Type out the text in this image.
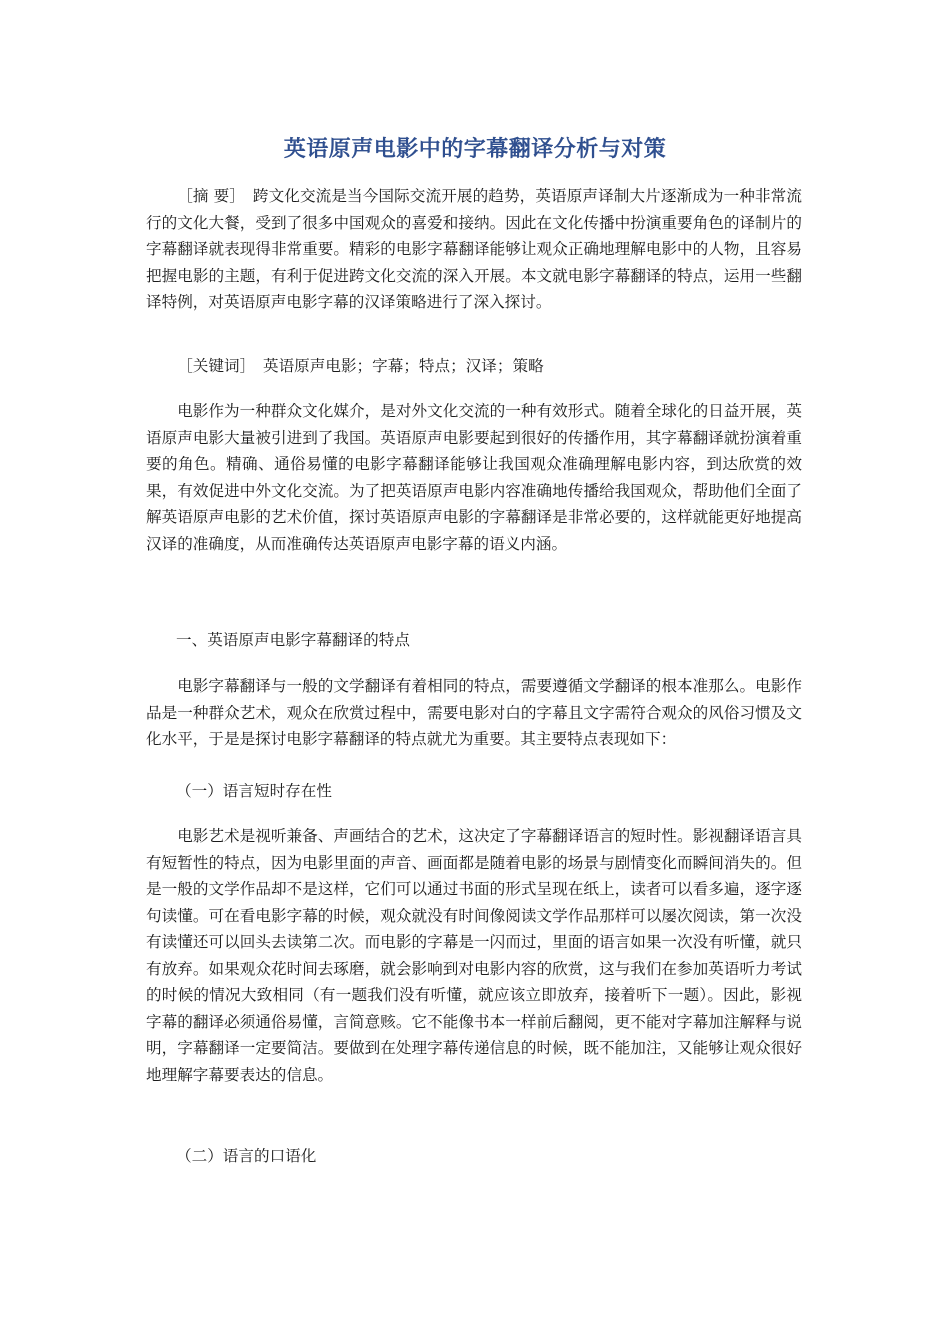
英语原声电影中的字幕翻译分析与对策

［摘 要］　 跨文化交流是当今国际交流开展的趋势，英语原声译制大片逐渐成为一种非常流行的文化大餐，受到了很多中国观众的喜爱和接纳。因此在文化传播中扮演重要角色的译制片的字幕翻译就表现得非常重要。精彩的电影字幕翻译能够让观众正确地理解电影中的人物，且容易把握电影的主题，有利于促进跨文化交流的深入开展。本文就电影字幕翻译的特点，运用一些翻译特例，对英语原声电影字幕的汉译策略进行了深入探讨。

［关键词］　 英语原声电影；字幕；特点；汉译；策略

电影作为一种群众文化媒介，是对外文化交流的一种有效形式。随着全球化的日益开展，英语原声电影大量被引进到了我国。英语原声电影要起到很好的传播作用，其字幕翻译就扮演着重要的角色。精确、通俗易懂的电影字幕翻译能够让我国观众准确理解电影内容，到达欣赏的效果，有效促进中外文化交流。为了把英语原声电影内容准确地传播给我国观众，帮助他们全面了解英语原声电影的艺术价值，探讨英语原声电影的字幕翻译是非常必要的，这样就能更好地提高汉译的准确度，从而准确传达英语原声电影字幕的语义内涵。

一、英语原声电影字幕翻译的特点

电影字幕翻译与一般的文学翻译有着相同的特点，需要遵循文学翻译的根本准那么。电影作品是一种群众艺术，观众在欣赏过程中，需要电影对白的字幕且文字需符合观众的风俗习惯及文化水平，于是是探讨电影字幕翻译的特点就尤为重要。其主要特点表现如下：

（一）语言短时存在性

电影艺术是视听兼备、声画结合的艺术，这决定了字幕翻译语言的短时性。影视翻译语言具有短暂性的特点，因为电影里面的声音、画面都是随着电影的场景与剧情变化而瞬间消失的。但是一般的文学作品却不是这样，它们可以通过书面的形式呈现在纸上，读者可以看多遍，逐字逐句读懂。可在看电影字幕的时候，观众就没有时间像阅读文学作品那样可以屡次阅读，第一次没有读懂还可以回头去读第二次。而电影的字幕是一闪而过，里面的语言如果一次没有听懂，就只有放弃。如果观众花时间去琢磨，就会影响到对电影内容的欣赏，这与我们在参加英语听力考试的时候的情况大致相同（有一题我们没有听懂，就应该立即放弃，接着听下一题）。因此，影视字幕的翻译必须通俗易懂，言简意赅。它不能像书本一样前后翻阅，更不能对字幕加注解释与说明，字幕翻译一定要简洁。要做到在处理字幕传递信息的时候，既不能加注，又能够让观众很好地理解字幕要表达的信息。

（二）语言的口语化
